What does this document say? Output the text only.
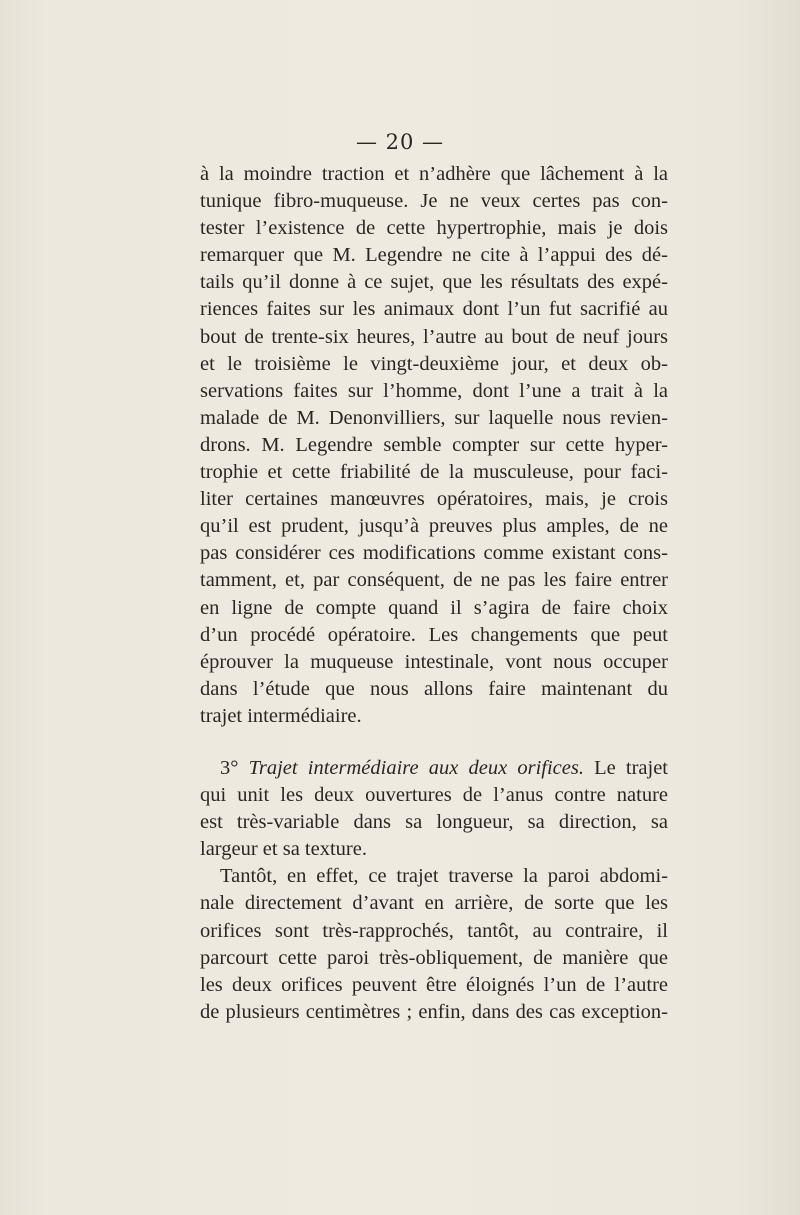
— 20 —
à la moindre traction et n’adhère que lâchement à la
tunique fibro-muqueuse. Je ne veux certes pas con-
tester l’existence de cette hypertrophie, mais je dois
remarquer que M. Legendre ne cite à l’appui des dé-
tails qu’il donne à ce sujet, que les résultats des expé-
riences faites sur les animaux dont l’un fut sacrifié au
bout de trente-six heures, l’autre au bout de neuf jours
et le troisième le vingt-deuxième jour, et deux ob-
servations faites sur l’homme, dont l’une a trait à la
malade de M. Denonvilliers, sur laquelle nous revien-
drons. M. Legendre semble compter sur cette hyper-
trophie et cette friabilité de la musculeuse, pour faci-
liter certaines manœuvres opératoires, mais, je crois
qu’il est prudent, jusqu’à preuves plus amples, de ne
pas considérer ces modifications comme existant cons-
tamment, et, par conséquent, de ne pas les faire entrer
en ligne de compte quand il s’agira de faire choix
d’un procédé opératoire. Les changements que peut
éprouver la muqueuse intestinale, vont nous occuper
dans l’étude que nous allons faire maintenant du
trajet intermédiaire.
3° Trajet intermédiaire aux deux orifices. Le trajet
qui unit les deux ouvertures de l’anus contre nature
est très-variable dans sa longueur, sa direction, sa
largeur et sa texture.
Tantôt, en effet, ce trajet traverse la paroi abdomi-
nale directement d’avant en arrière, de sorte que les
orifices sont très-rapprochés, tantôt, au contraire, il
parcourt cette paroi très-obliquement, de manière que
les deux orifices peuvent être éloignés l’un de l’autre
de plusieurs centimètres ; enfin, dans des cas exception-
